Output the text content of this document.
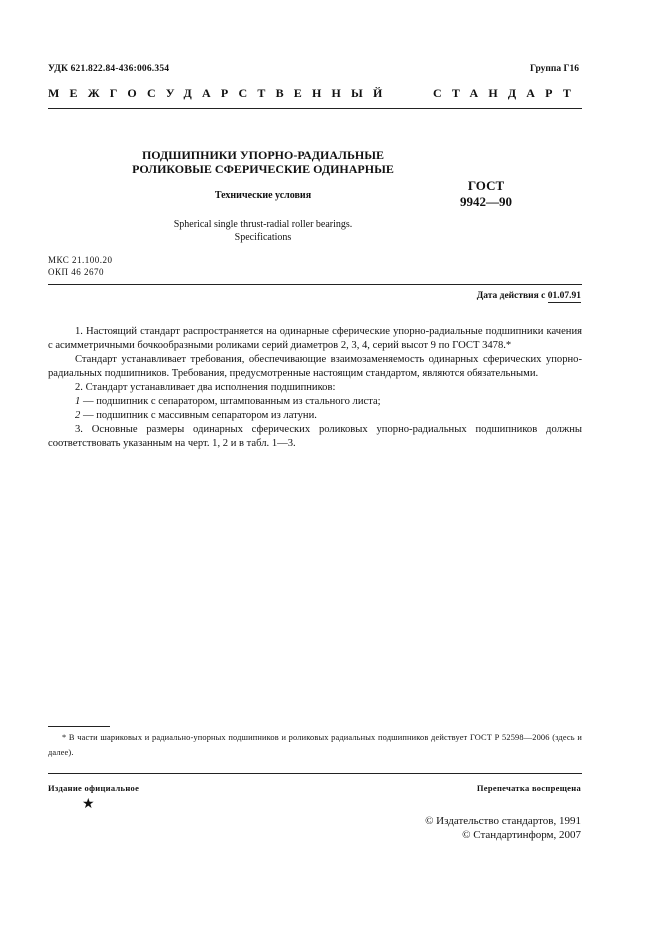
УДК 621.822.84-436:006.354	Группа Г16
МЕЖГОСУДАРСТВЕННЫЙ	СТАНДАРТ
ПОДШИПНИКИ УПОРНО-РАДИАЛЬНЫЕ
РОЛИКОВЫЕ СФЕРИЧЕСКИЕ ОДИНАРНЫЕ
Технические условия
ГОСТ
9942—90
Spherical single thrust-radial roller bearings.
Specifications
МКС 21.100.20
ОКП 46 2670
Дата действия с 01.07.91

1. Настоящий стандарт распространяется на одинарные сферические упорно-радиальные подшипники качения с асимметричными бочкообразными роликами серий диаметров 2, 3, 4, серий высот 9 по ГОСТ 3478.*

Стандарт устанавливает требования, обеспечивающие взаимозаменяемость одинарных сферических упорно-радиальных подшипников. Требования, предусмотренные настоящим стандартом, являются обязательными.

2. Стандарт устанавливает два исполнения подшипников:

1 — подшипник с сепаратором, штампованным из стального листа;

2 — подшипник с массивным сепаратором из латуни.

3. Основные размеры одинарных сферических роликовых упорно-радиальных подшипников должны соответствовать указанным на черт. 1, 2 и в табл. 1—3.

* В части шариковых и радиально-упорных подшипников и роликовых радиальных подшипников действует ГОСТ Р 52598—2006 (здесь и далее).

Издание официальное	Перепечатка воспрещена
★
© Издательство стандартов, 1991
© Стандартинформ, 2007
